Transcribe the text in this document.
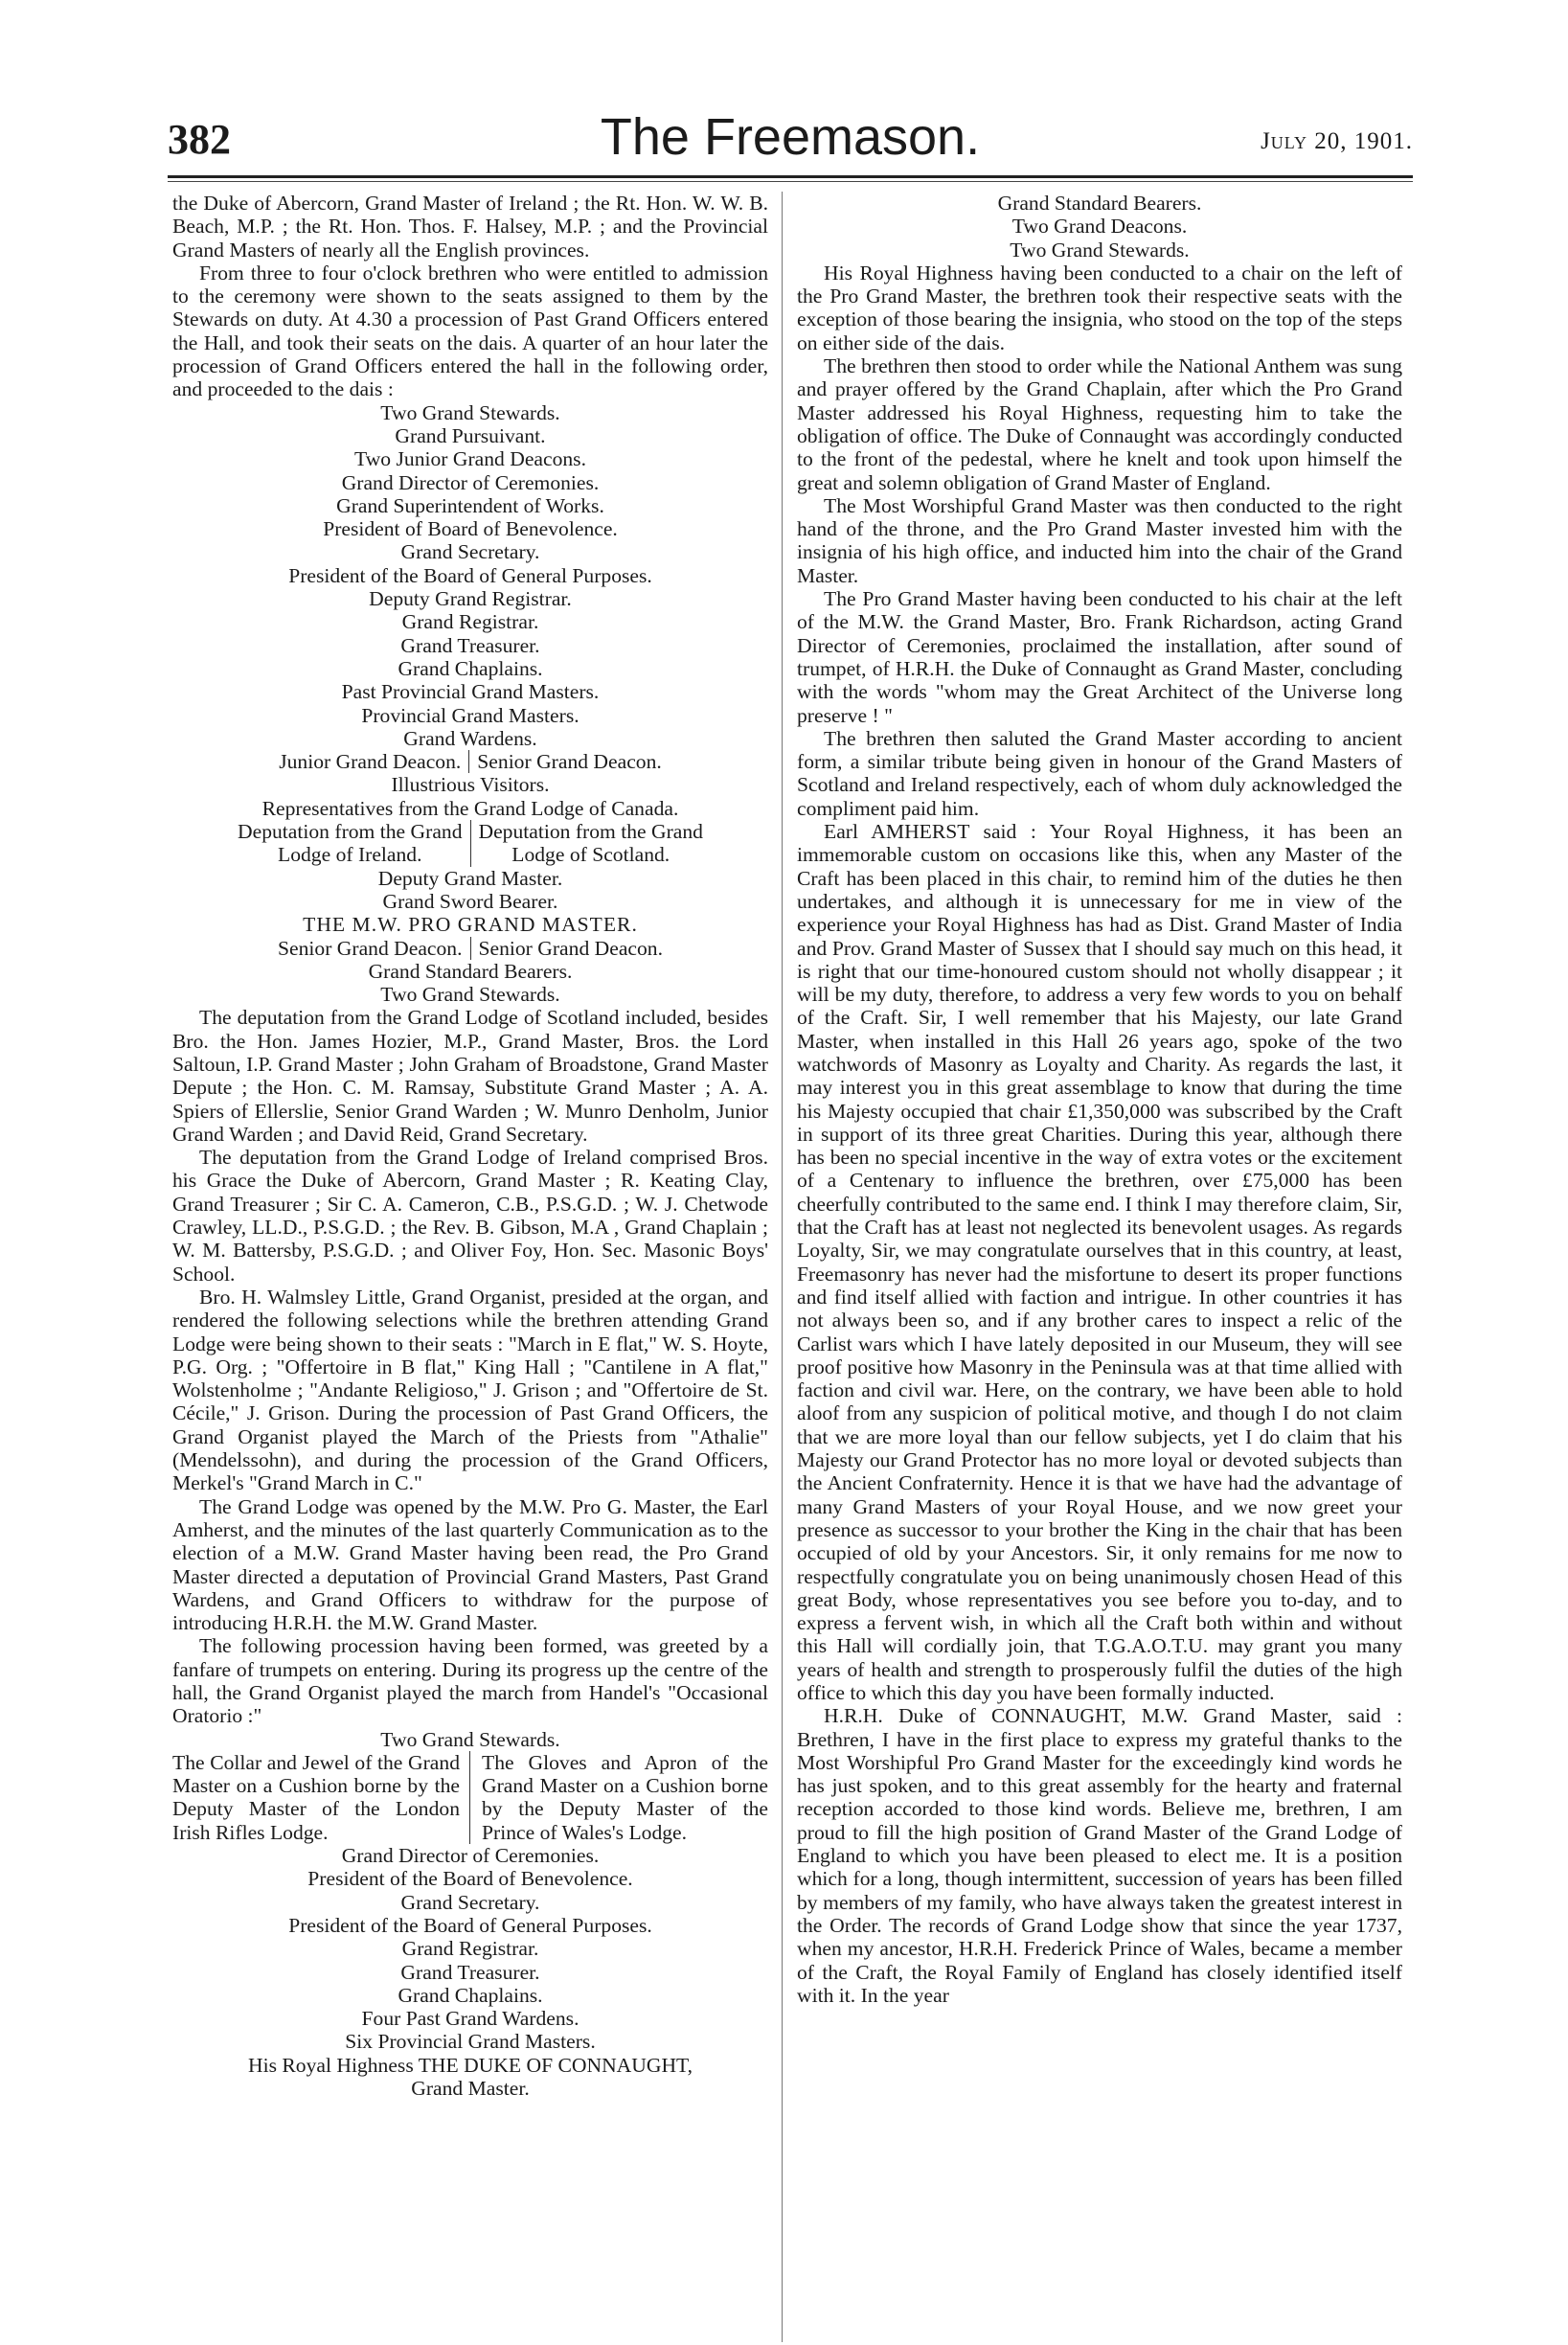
382	The Freemason.	July 20, 1901.

the Duke of Abercorn, Grand Master of Ireland ; the Rt. Hon. W. W. B. Beach, M.P. ; the Rt. Hon. Thos. F. Halsey, M.P. ; and the Provincial Grand Masters of nearly all the English provinces.

From three to four o'clock brethren who were entitled to admission to the ceremony were shown to the seats assigned to them by the Stewards on duty. At 4.30 a procession of Past Grand Officers entered the Hall, and took their seats on the dais. A quarter of an hour later the procession of Grand Officers entered the hall in the following order, and proceeded to the dais :

Two Grand Stewards.
Grand Pursuivant.
Two Junior Grand Deacons.
Grand Director of Ceremonies.
Grand Superintendent of Works.
President of Board of Benevolence.
Grand Secretary.
President of the Board of General Purposes.
Deputy Grand Registrar.
Grand Registrar.
Grand Treasurer.
Grand Chaplains.
Past Provincial Grand Masters.
Provincial Grand Masters.
Grand Wardens.
Junior Grand Deacon. Senior Grand Deacon.
Illustrious Visitors.
Representatives from the Grand Lodge of Canada.
Deputation from the Grand
Lodge of Ireland.
Deputation from the Grand
Lodge of Scotland.
Deputy Grand Master.
Grand Sword Bearer.
THE M.W. PRO GRAND MASTER.
Senior Grand Deacon. Senior Grand Deacon.
Grand Standard Bearers.
Two Grand Stewards.

The deputation from the Grand Lodge of Scotland included, besides Bro. the Hon. James Hozier, M.P., Grand Master, Bros. the Lord Saltoun, I.P. Grand Master ; John Graham of Broadstone, Grand Master Depute ; the Hon. C. M. Ramsay, Substitute Grand Master ; A. A. Spiers of Ellerslie, Senior Grand Warden ; W. Munro Denholm, Junior Grand Warden ; and David Reid, Grand Secretary.

The deputation from the Grand Lodge of Ireland comprised Bros. his Grace the Duke of Abercorn, Grand Master ; R. Keating Clay, Grand Treasurer ; Sir C. A. Cameron, C.B., P.S.G.D. ; W. J. Chetwode Crawley, LL.D., P.S.G.D. ; the Rev. B. Gibson, M.A , Grand Chaplain ; W. M. Battersby, P.S.G.D. ; and Oliver Foy, Hon. Sec. Masonic Boys' School.

Bro. H. Walmsley Little, Grand Organist, presided at the organ, and rendered the following selections while the brethren attending Grand Lodge were being shown to their seats : "March in E flat," W. S. Hoyte, P.G. Org. ; "Offertoire in B flat," King Hall ; "Cantilene in A flat," Wolstenholme ; "Andante Religioso," J. Grison ; and "Offertoire de St. Cécile," J. Grison. During the procession of Past Grand Officers, the Grand Organist played the March of the Priests from "Athalie" (Mendelssohn), and during the procession of the Grand Officers, Merkel's "Grand March in C."

The Grand Lodge was opened by the M.W. Pro G. Master, the Earl Amherst, and the minutes of the last quarterly Communication as to the election of a M.W. Grand Master having been read, the Pro Grand Master directed a deputation of Provincial Grand Masters, Past Grand Wardens, and Grand Officers to withdraw for the purpose of introducing H.R.H. the M.W. Grand Master.

The following procession having been formed, was greeted by a fanfare of trumpets on entering. During its progress up the centre of the hall, the Grand Organist played the march from Handel's "Occasional Oratorio :"

Two Grand Stewards.
The Collar and Jewel of the Grand Master on a Cushion borne by the Deputy Master of the London Irish Rifles Lodge.
The Gloves and Apron of the Grand Master on a Cushion borne by the Deputy Master of the Prince of Wales's Lodge.
Grand Director of Ceremonies.
President of the Board of Benevolence.
Grand Secretary.
President of the Board of General Purposes.
Grand Registrar.
Grand Treasurer.
Grand Chaplains.
Four Past Grand Wardens.
Six Provincial Grand Masters.
His Royal Highness THE DUKE OF CONNAUGHT,
Grand Master.
Grand Standard Bearers.
Two Grand Deacons.
Two Grand Stewards.

His Royal Highness having been conducted to a chair on the left of the Pro Grand Master, the brethren took their respective seats with the exception of those bearing the insignia, who stood on the top of the steps on either side of the dais.

The brethren then stood to order while the National Anthem was sung and prayer offered by the Grand Chaplain, after which the Pro Grand Master addressed his Royal Highness, requesting him to take the obligation of office. The Duke of Connaught was accordingly conducted to the front of the pedestal, where he knelt and took upon himself the great and solemn obligation of Grand Master of England.

The Most Worshipful Grand Master was then conducted to the right hand of the throne, and the Pro Grand Master invested him with the insignia of his high office, and inducted him into the chair of the Grand Master.

The Pro Grand Master having been conducted to his chair at the left of the M.W. the Grand Master, Bro. Frank Richardson, acting Grand Director of Ceremonies, proclaimed the installation, after sound of trumpet, of H.R.H. the Duke of Connaught as Grand Master, concluding with the words "whom may the Great Architect of the Universe long preserve ! "

The brethren then saluted the Grand Master according to ancient form, a similar tribute being given in honour of the Grand Masters of Scotland and Ireland respectively, each of whom duly acknowledged the compliment paid him.

Earl AMHERST said : Your Royal Highness, it has been an immemorable custom on occasions like this, when any Master of the Craft has been placed in this chair, to remind him of the duties he then undertakes, and although it is unnecessary for me in view of the experience your Royal Highness has had as Dist. Grand Master of India and Prov. Grand Master of Sussex that I should say much on this head, it is right that our time-honoured custom should not wholly disappear ; it will be my duty, therefore, to address a very few words to you on behalf of the Craft. Sir, I well remember that his Majesty, our late Grand Master, when installed in this Hall 26 years ago, spoke of the two watchwords of Masonry as Loyalty and Charity. As regards the last, it may interest you in this great assemblage to know that during the time his Majesty occupied that chair £1,350,000 was subscribed by the Craft in support of its three great Charities. During this year, although there has been no special incentive in the way of extra votes or the excitement of a Centenary to influence the brethren, over £75,000 has been cheerfully contributed to the same end. I think I may therefore claim, Sir, that the Craft has at least not neglected its benevolent usages. As regards Loyalty, Sir, we may congratulate ourselves that in this country, at least, Freemasonry has never had the misfortune to desert its proper functions and find itself allied with faction and intrigue. In other countries it has not always been so, and if any brother cares to inspect a relic of the Carlist wars which I have lately deposited in our Museum, they will see proof positive how Masonry in the Peninsula was at that time allied with faction and civil war. Here, on the contrary, we have been able to hold aloof from any suspicion of political motive, and though I do not claim that we are more loyal than our fellow subjects, yet I do claim that his Majesty our Grand Protector has no more loyal or devoted subjects than the Ancient Confraternity. Hence it is that we have had the advantage of many Grand Masters of your Royal House, and we now greet your presence as successor to your brother the King in the chair that has been occupied of old by your Ancestors. Sir, it only remains for me now to respectfully congratulate you on being unanimously chosen Head of this great Body, whose representatives you see before you to-day, and to express a fervent wish, in which all the Craft both within and without this Hall will cordially join, that T.G.A.O.T.U. may grant you many years of health and strength to prosperously fulfil the duties of the high office to which this day you have been formally inducted.

H.R.H. Duke of CONNAUGHT, M.W. Grand Master, said : Brethren, I have in the first place to express my grateful thanks to the Most Worshipful Pro Grand Master for the exceedingly kind words he has just spoken, and to this great assembly for the hearty and fraternal reception accorded to those kind words. Believe me, brethren, I am proud to fill the high position of Grand Master of the Grand Lodge of England to which you have been pleased to elect me. It is a position which for a long, though intermittent, succession of years has been filled by members of my family, who have always taken the greatest interest in the Order. The records of Grand Lodge show that since the year 1737, when my ancestor, H.R.H. Frederick Prince of Wales, became a member of the Craft, the Royal Family of England has closely identified itself with it. In the year
